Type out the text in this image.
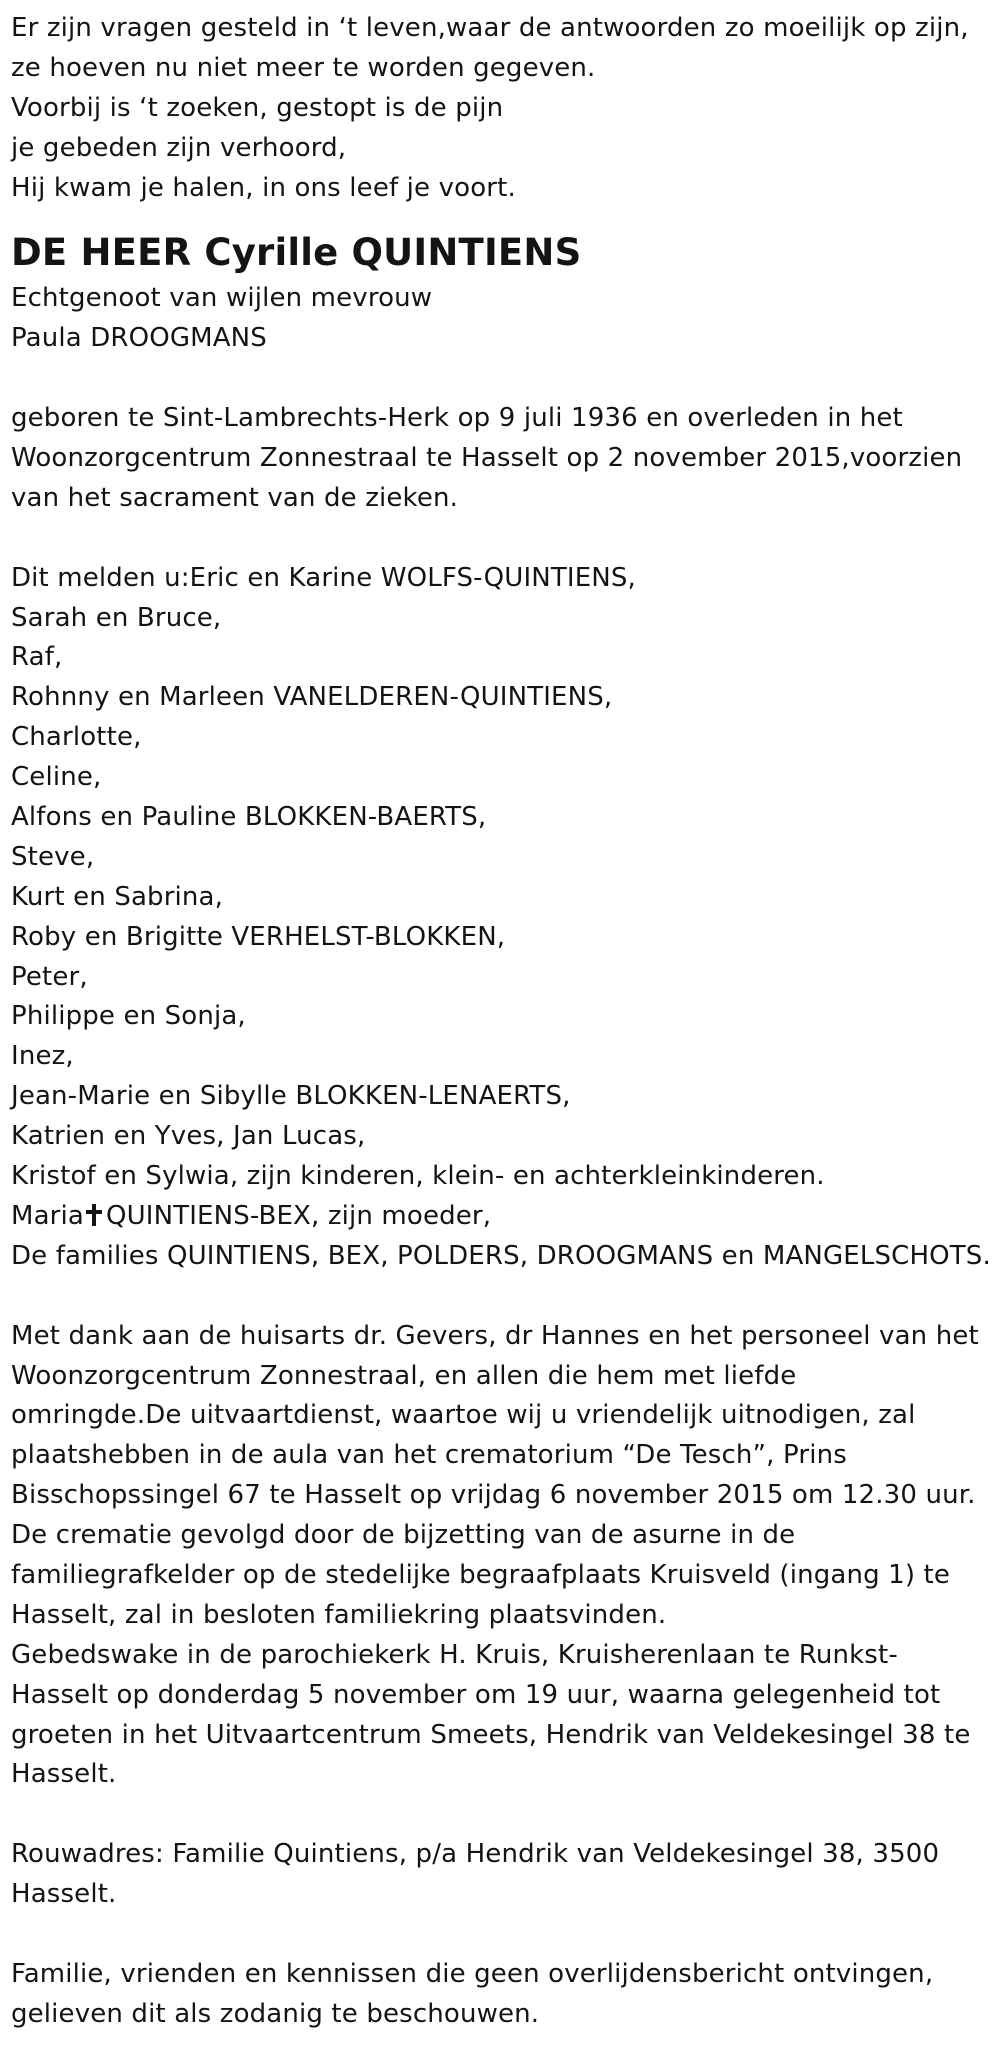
Er zijn vragen gesteld in ‘t leven,waar de antwoorden zo moeilijk op zijn,
ze hoeven nu niet meer te worden gegeven.
Voorbij is ‘t zoeken, gestopt is de pijn
je gebeden zijn verhoord,
Hij kwam je halen, in ons leef je voort.
DE HEER Cyrille QUINTIENS
Echtgenoot van wijlen mevrouw
Paula DROOGMANS
geboren te Sint-Lambrechts-Herk op 9 juli 1936 en overleden in het
Woonzorgcentrum Zonnestraal te Hasselt op 2 november 2015,voorzien
van het sacrament van de zieken.
Dit melden u:Eric en Karine WOLFS-QUINTIENS,
Sarah en Bruce,
Raf,
Rohnny en Marleen VANELDEREN-QUINTIENS,
Charlotte,
Celine,
Alfons en Pauline BLOKKEN-BAERTS,
Steve,
Kurt en Sabrina,
Roby en Brigitte VERHELST-BLOKKEN,
Peter,
Philippe en Sonja,
Inez,
Jean-Marie en Sibylle BLOKKEN-LENAERTS,
Katrien en Yves, Jan Lucas,
Kristof en Sylwia, zijn kinderen, klein- en achterkleinkinderen.
Maria QUINTIENS-BEX, zijn moeder,
De families QUINTIENS, BEX, POLDERS, DROOGMANS en MANGELSCHOTS.
Met dank aan de huisarts dr. Gevers, dr Hannes en het personeel van het
Woonzorgcentrum Zonnestraal, en allen die hem met liefde
omringde.De uitvaartdienst, waartoe wij u vriendelijk uitnodigen, zal
plaatshebben in de aula van het crematorium “De Tesch”, Prins
Bisschopssingel 67 te Hasselt op vrijdag 6 november 2015 om 12.30 uur.
De crematie gevolgd door de bijzetting van de asurne in de
familiegrafkelder op de stedelijke begraafplaats Kruisveld (ingang 1) te
Hasselt, zal in besloten familiekring plaatsvinden.
Gebedswake in de parochiekerk H. Kruis, Kruisherenlaan te Runkst-
Hasselt op donderdag 5 november om 19 uur, waarna gelegenheid tot
groeten in het Uitvaartcentrum Smeets, Hendrik van Veldekesingel 38 te
Hasselt.
Rouwadres: Familie Quintiens, p/a Hendrik van Veldekesingel 38, 3500
Hasselt.
Familie, vrienden en kennissen die geen overlijdensbericht ontvingen,
gelieven dit als zodanig te beschouwen.
